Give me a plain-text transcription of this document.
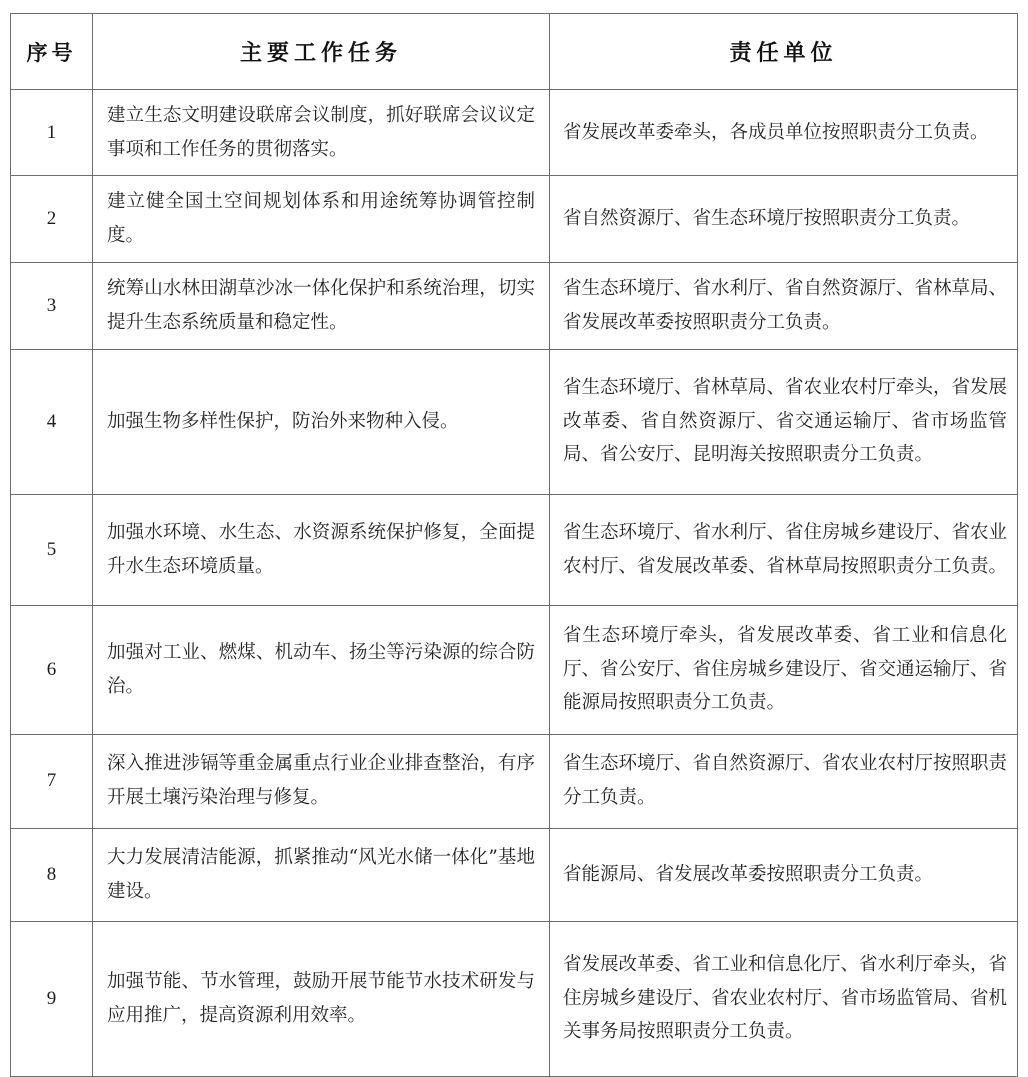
序号	主要工作任务	责任单位
1	建立生态文明建设联席会议制度，抓好联席会议议定事项和工作任务的贯彻落实。	省发展改革委牵头，各成员单位按照职责分工负责。
2	建立健全国土空间规划体系和用途统筹协调管控制度。	省自然资源厅、省生态环境厅按照职责分工负责。
3	统筹山水林田湖草沙冰一体化保护和系统治理，切实提升生态系统质量和稳定性。	省生态环境厅、省水利厅、省自然资源厅、省林草局、省发展改革委按照职责分工负责。
4	加强生物多样性保护，防治外来物种入侵。	省生态环境厅、省林草局、省农业农村厅牵头，省发展改革委、省自然资源厅、省交通运输厅、省市场监管局、省公安厅、昆明海关按照职责分工负责。
5	加强水环境、水生态、水资源系统保护修复，全面提升水生态环境质量。	省生态环境厅、省水利厅、省住房城乡建设厅、省农业农村厅、省发展改革委、省林草局按照职责分工负责。
6	加强对工业、燃煤、机动车、扬尘等污染源的综合防治。	省生态环境厅牵头，省发展改革委、省工业和信息化厅、省公安厅、省住房城乡建设厅、省交通运输厅、省能源局按照职责分工负责。
7	深入推进涉镉等重金属重点行业企业排查整治，有序开展土壤污染治理与修复。	省生态环境厅、省自然资源厅、省农业农村厅按照职责分工负责。
8	大力发展清洁能源，抓紧推动“风光水储一体化”基地建设。	省能源局、省发展改革委按照职责分工负责。
9	加强节能、节水管理，鼓励开展节能节水技术研发与应用推广，提高资源利用效率。	省发展改革委、省工业和信息化厅、省水利厅牵头，省住房城乡建设厅、省农业农村厅、省市场监管局、省机关事务局按照职责分工负责。
